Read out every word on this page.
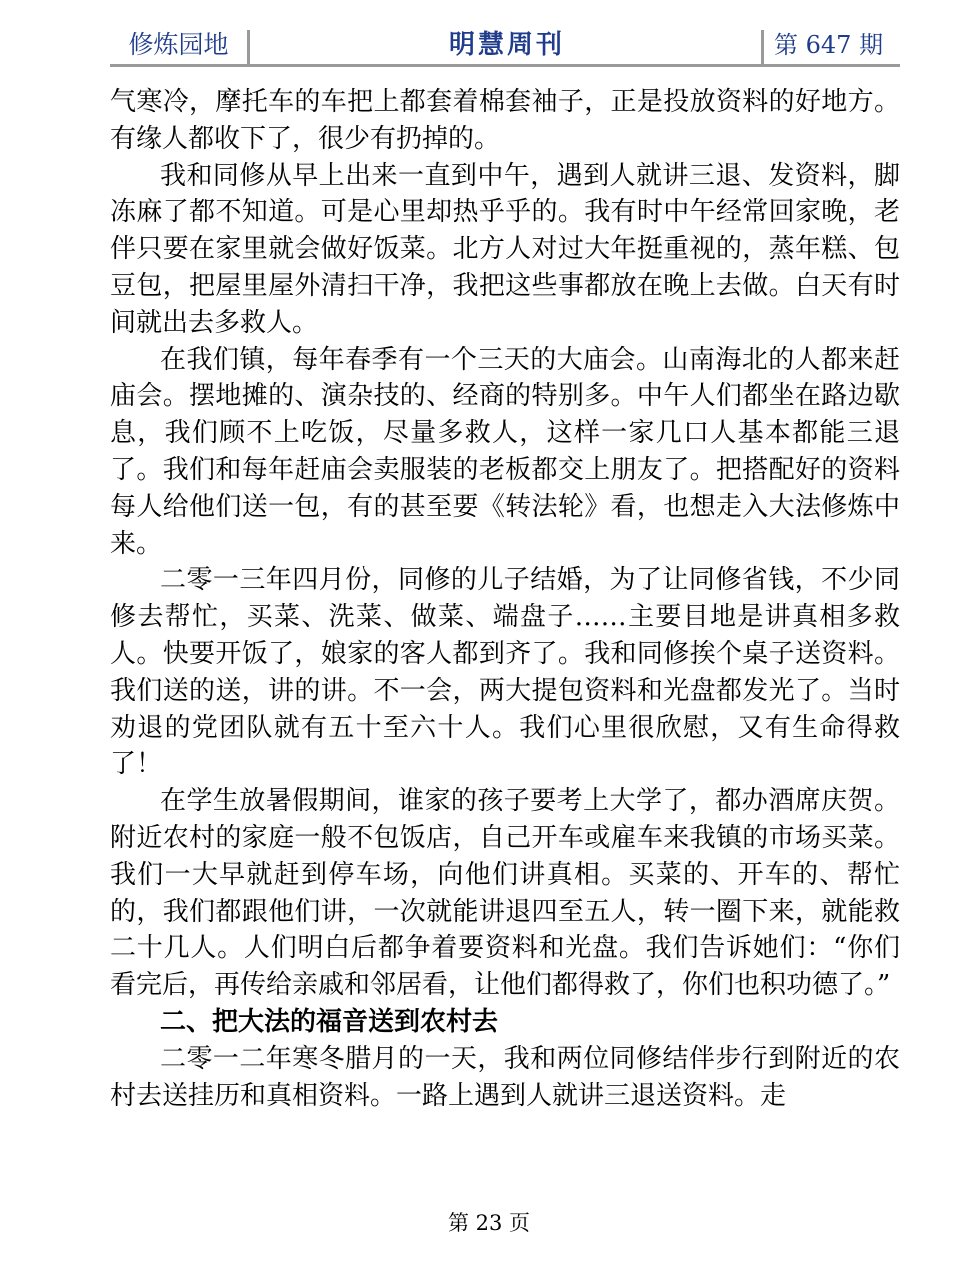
修炼园地	明慧周刊	第 647 期

气寒冷，摩托车的车把上都套着棉套袖子，正是投放资料的好地方。有缘人都收下了，很少有扔掉的。

我和同修从早上出来一直到中午，遇到人就讲三退、发资料，脚冻麻了都不知道。可是心里却热乎乎的。我有时中午经常回家晚，老伴只要在家里就会做好饭菜。北方人对过大年挺重视的，蒸年糕、包豆包，把屋里屋外清扫干净，我把这些事都放在晚上去做。白天有时间就出去多救人。

在我们镇，每年春季有一个三天的大庙会。山南海北的人都来赶庙会。摆地摊的、演杂技的、经商的特别多。中午人们都坐在路边歇息，我们顾不上吃饭，尽量多救人，这样一家几口人基本都能三退了。我们和每年赶庙会卖服装的老板都交上朋友了。把搭配好的资料每人给他们送一包，有的甚至要《转法轮》看，也想走入大法修炼中来。

二零一三年四月份，同修的儿子结婚，为了让同修省钱，不少同修去帮忙，买菜、洗菜、做菜、端盘子……主要目地是讲真相多救人。快要开饭了，娘家的客人都到齐了。我和同修挨个桌子送资料。我们送的送，讲的讲。不一会，两大提包资料和光盘都发光了。当时劝退的党团队就有五十至六十人。我们心里很欣慰，又有生命得救了！

在学生放暑假期间，谁家的孩子要考上大学了，都办酒席庆贺。附近农村的家庭一般不包饭店，自己开车或雇车来我镇的市场买菜。我们一大早就赶到停车场，向他们讲真相。买菜的、开车的、帮忙的，我们都跟他们讲，一次就能讲退四至五人，转一圈下来，就能救二十几人。人们明白后都争着要资料和光盘。我们告诉她们：“你们看完后，再传给亲戚和邻居看，让他们都得救了，你们也积功德了。”

二、把大法的福音送到农村去

二零一二年寒冬腊月的一天，我和两位同修结伴步行到附近的农村去送挂历和真相资料。一路上遇到人就讲三退送资料。走

第 23 页
